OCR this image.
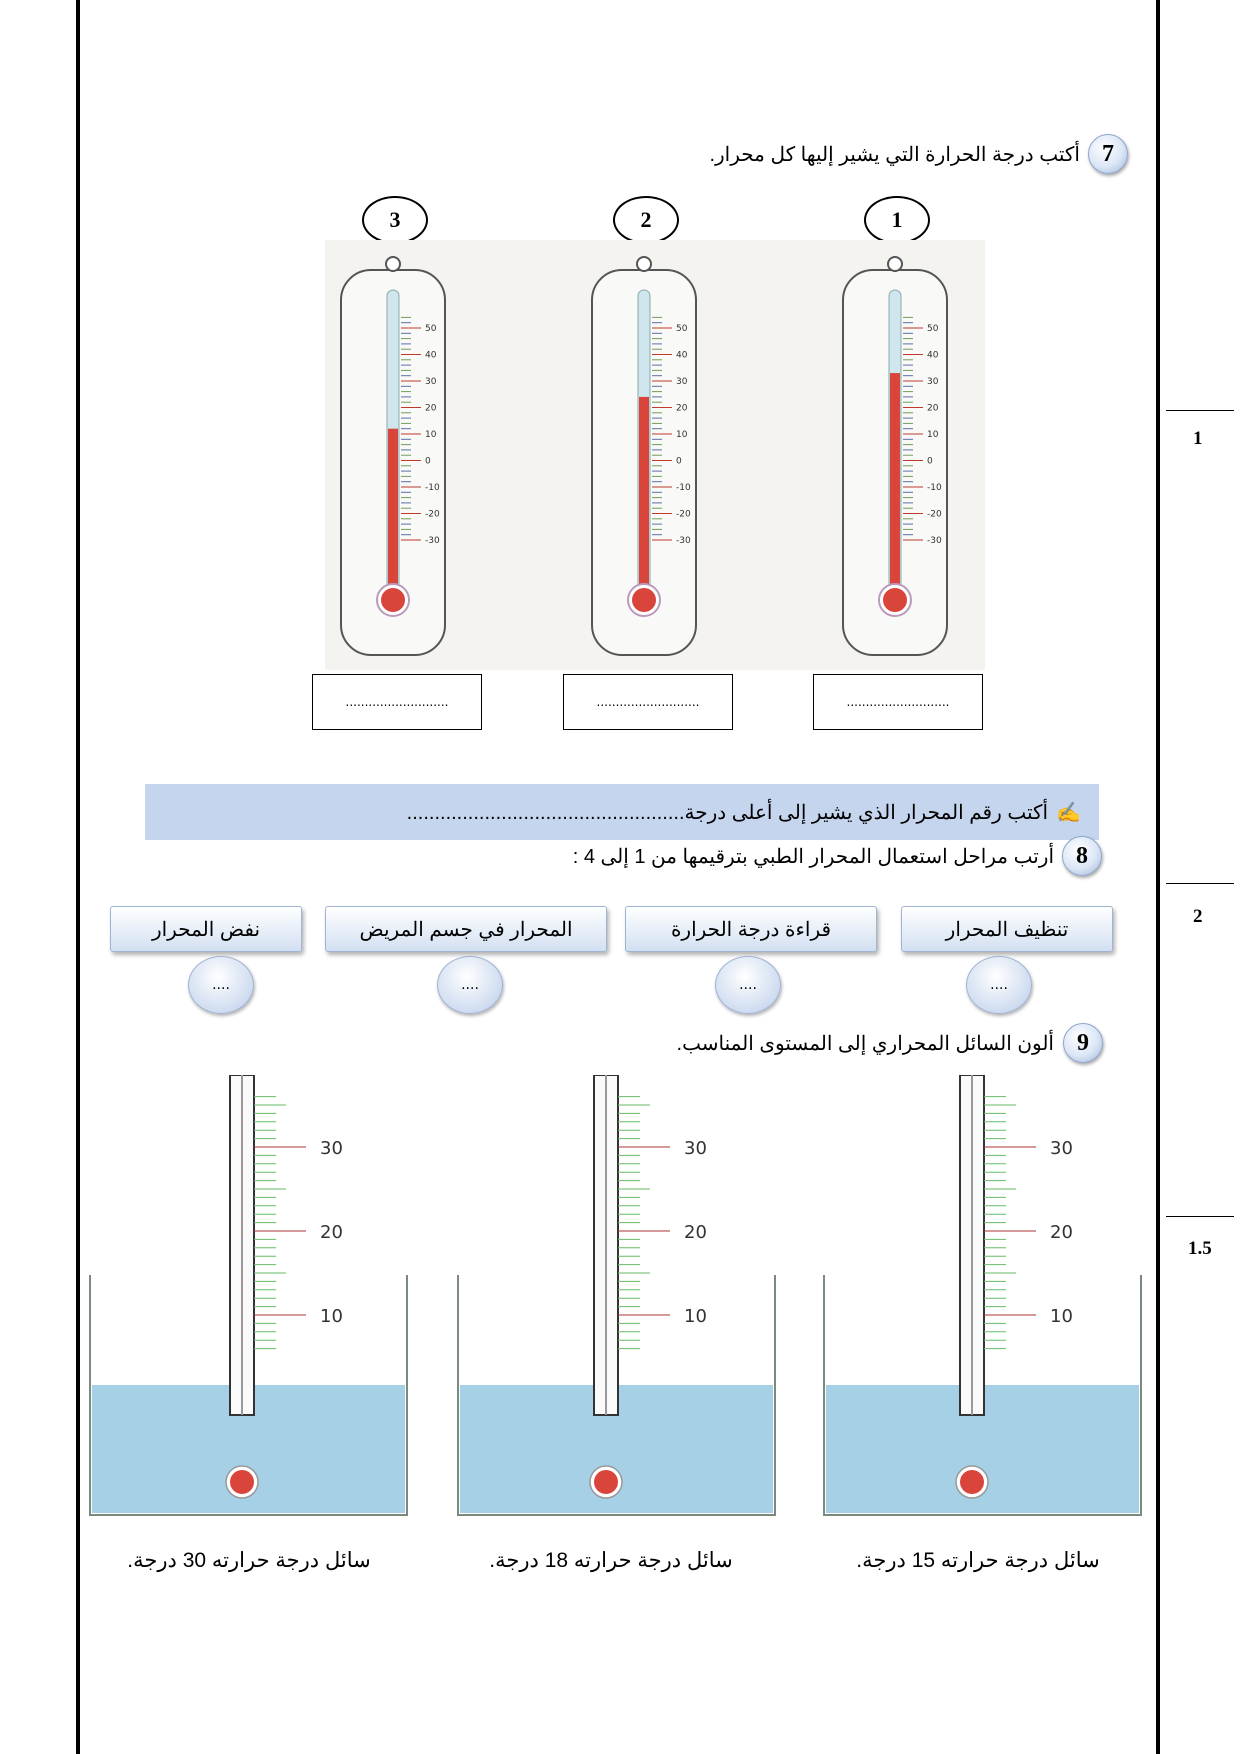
1
2
1.5
7
أكتب درجة الحرارة التي يشير إليها كل محرار.
3	2	1
50
40
30
20
10
0
-10
-20
-30
50
40
30
20
10
0
-10
-20
-30
50
40
30
20
10
0
-10
-20
-30
...........................	...........................	...........................
✍
أكتب رقم المحرار الذي يشير إلى أعلى درجة..................................................
8
أرتب مراحل استعمال المحرار الطبي بترقيمها من 1 إلى 4 :
تنظيف المحرار
قراءة درجة الحرارة
المحرار في جسم المريض
نفض المحرار
....
....
....
....
9
ألون السائل المحراري إلى المستوى المناسب.
30
20
10
30
20
10
30
20
10
سائل درجة حرارته 30 درجة.	سائل درجة حرارته 18 درجة.	سائل درجة حرارته 15 درجة.
